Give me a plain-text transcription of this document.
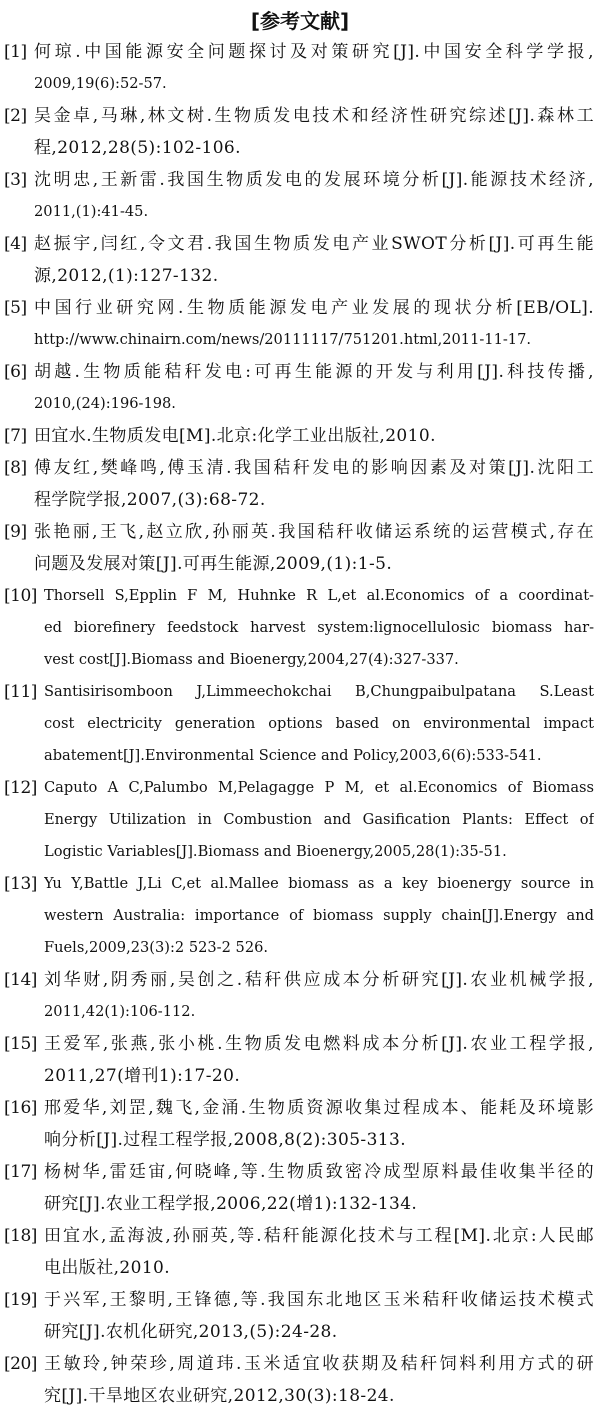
[参考文献]
[1] 何琼.中国能源安全问题探讨及对策研究[J].中国安全科学学报,
2009,19(6):52-57.
[2] 吴金卓,马琳,林文树.生物质发电技术和经济性研究综述[J].森林工
程,2012,28(5):102-106.
[3] 沈明忠,王新雷.我国生物质发电的发展环境分析[J].能源技术经济,
2011,(1):41-45.
[4] 赵振宇,闫红,令文君.我国生物质发电产业SWOT分析[J].可再生能
源,2012,(1):127-132.
[5] 中国行业研究网.生物质能源发电产业发展的现状分析[EB/OL].
http://www.chinairn.com/news/20111117/751201.html,2011-11-17.
[6] 胡越.生物质能秸秆发电:可再生能源的开发与利用[J].科技传播,
2010,(24):196-198.
[7] 田宜水.生物质发电[M].北京:化学工业出版社,2010.
[8] 傅友红,樊峰鸣,傅玉清.我国秸秆发电的影响因素及对策[J].沈阳工
程学院学报,2007,(3):68-72.
[9] 张艳丽,王飞,赵立欣,孙丽英.我国秸秆收储运系统的运营模式,存在
问题及发展对策[J].可再生能源,2009,(1):1-5.
[10] Thorsell S,Epplin F M, Huhnke R L,et al.Economics of a coordinat-
ed biorefinery feedstock harvest system:lignocellulosic biomass har-
vest cost[J].Biomass and Bioenergy,2004,27(4):327-337.
[11] Santisirisomboon J,Limmeechokchai B,Chungpaibulpatana S.Least
cost electricity generation options based on environmental impact
abatement[J].Environmental Science and Policy,2003,6(6):533-541.
[12] Caputo A C,Palumbo M,Pelagagge P M, et al.Economics of Biomass
Energy Utilization in Combustion and Gasification Plants: Effect of
Logistic Variables[J].Biomass and Bioenergy,2005,28(1):35-51.
[13] Yu Y,Battle J,Li C,et al.Mallee biomass as a key bioenergy source in
western Australia: importance of biomass supply chain[J].Energy and
Fuels,2009,23(3):2 523-2 526.
[14] 刘华财,阴秀丽,吴创之.秸秆供应成本分析研究[J].农业机械学报,
2011,42(1):106-112.
[15] 王爱军,张燕,张小桃.生物质发电燃料成本分析[J].农业工程学报,
2011,27(增刊1):17-20.
[16] 邢爱华,刘罡,魏飞,金涌.生物质资源收集过程成本、能耗及环境影
响分析[J].过程工程学报,2008,8(2):305-313.
[17] 杨树华,雷廷宙,何晓峰,等.生物质致密冷成型原料最佳收集半径的
研究[J].农业工程学报,2006,22(增1):132-134.
[18] 田宜水,孟海波,孙丽英,等.秸秆能源化技术与工程[M].北京:人民邮
电出版社,2010.
[19] 于兴军,王黎明,王锋德,等.我国东北地区玉米秸秆收储运技术模式
研究[J].农机化研究,2013,(5):24-28.
[20] 王敏玲,钟荣珍,周道玮.玉米适宜收获期及秸秆饲料利用方式的研
究[J].干旱地区农业研究,2012,30(3):18-24.
